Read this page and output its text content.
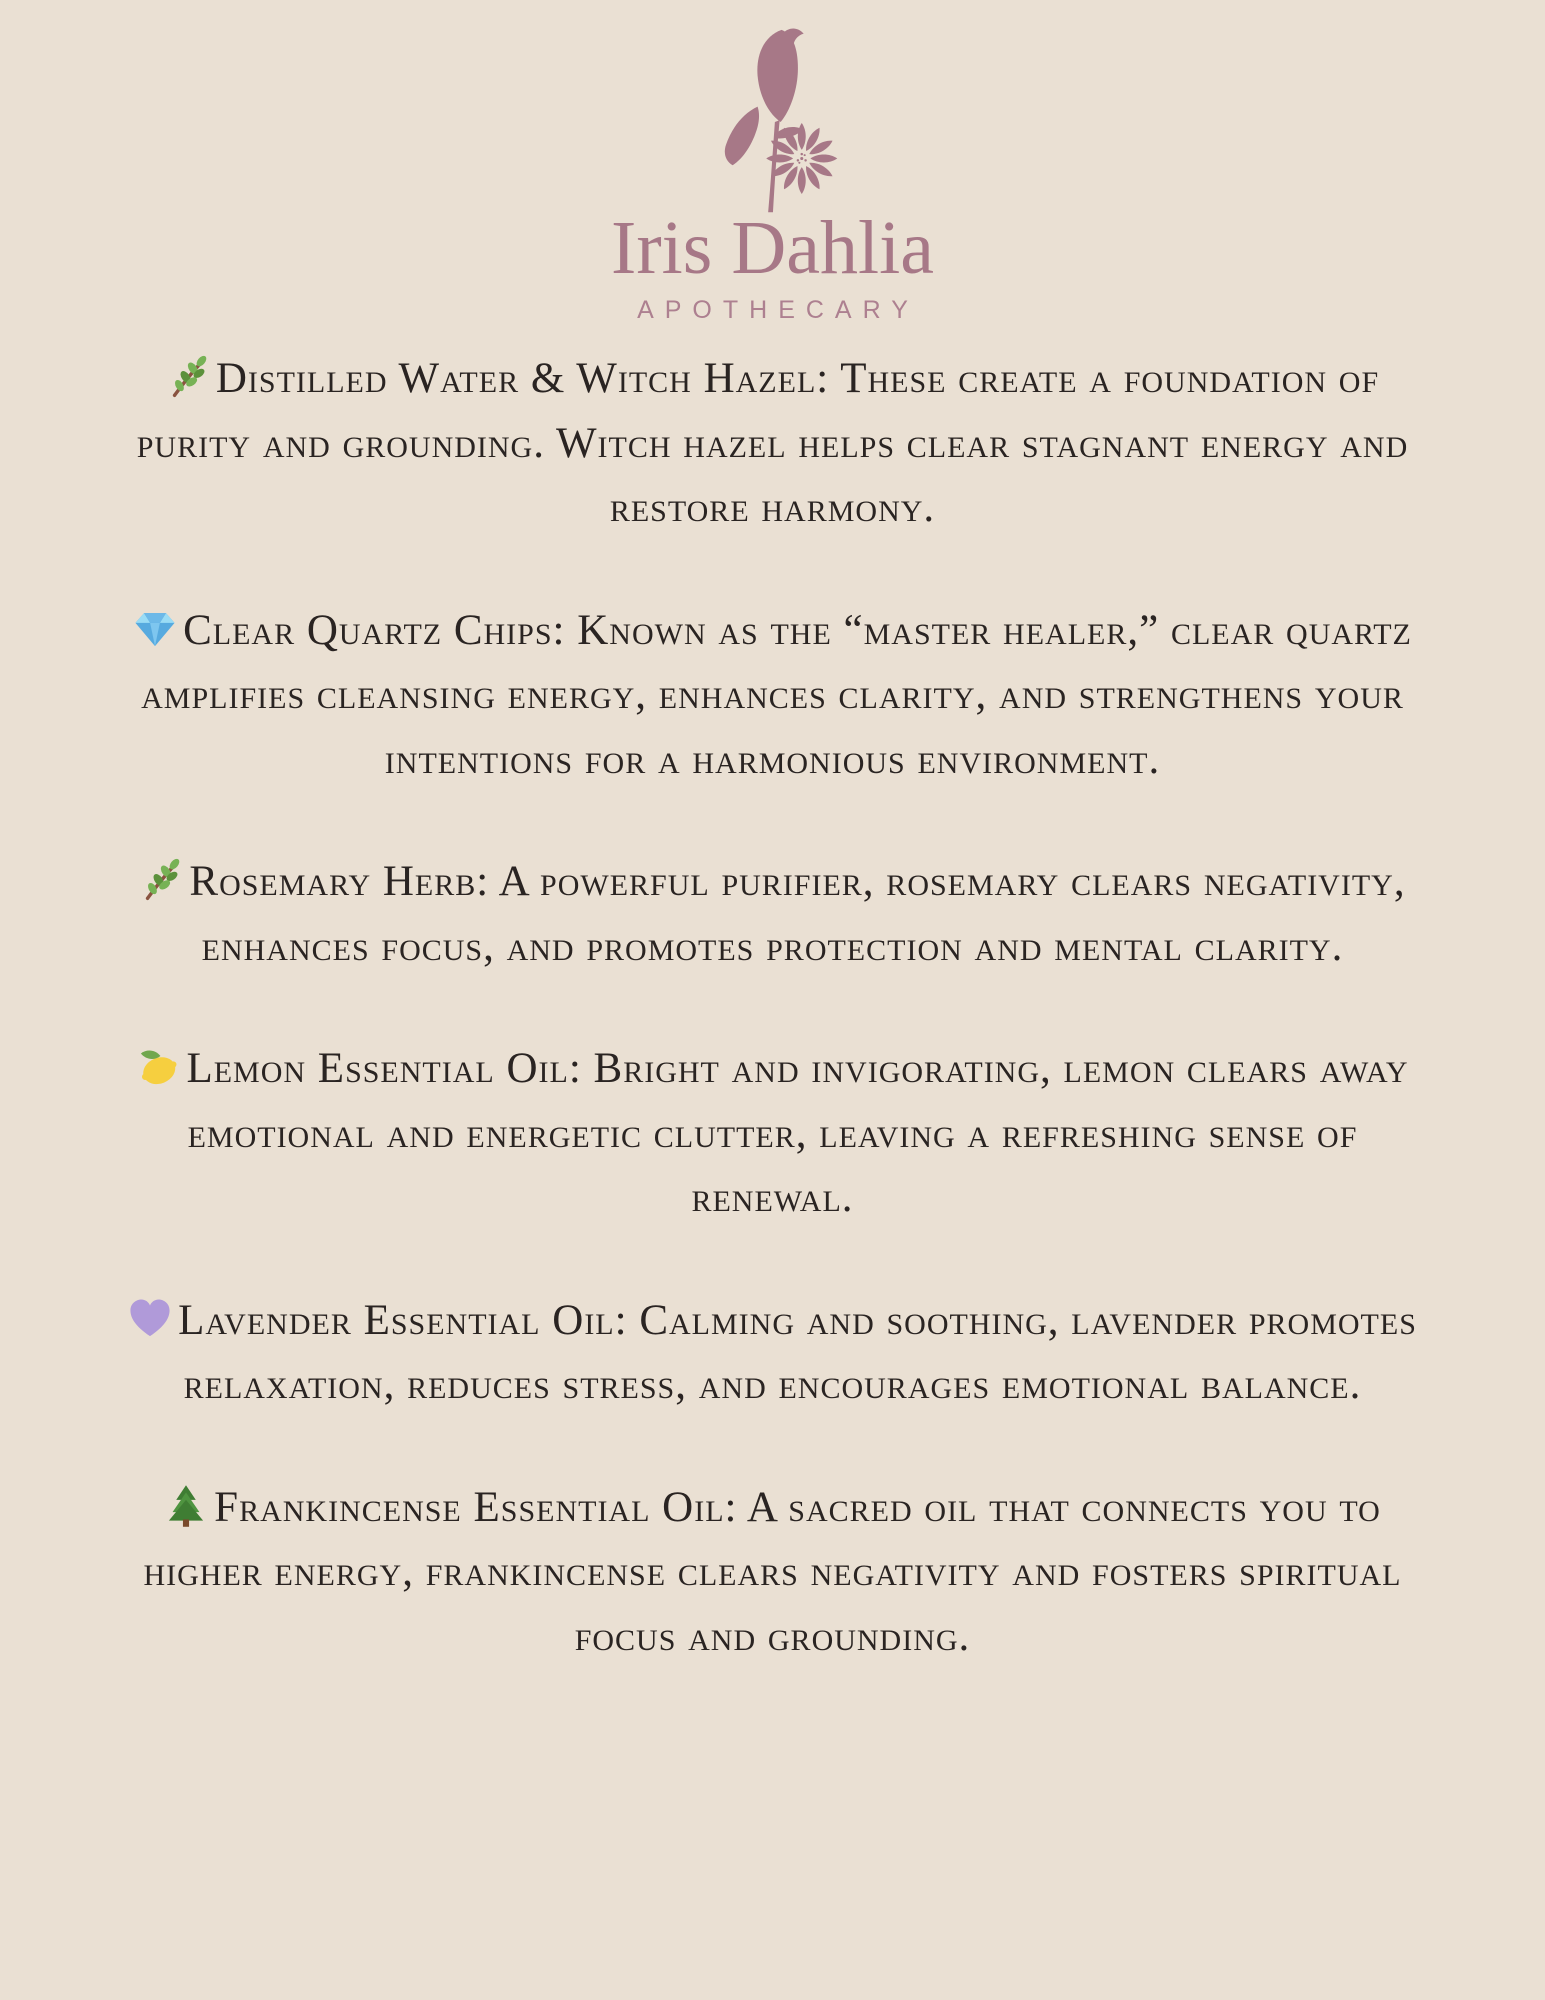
Iris Dahlia
APOTHECARY

Distilled Water & Witch Hazel: These create a foundation of purity and grounding. Witch hazel helps clear stagnant energy and restore harmony.

Clear Quartz Chips: Known as the “master healer,” clear quartz amplifies cleansing energy, enhances clarity, and strengthens your intentions for a harmonious environment.

Rosemary Herb: A powerful purifier, rosemary clears negativity, enhances focus, and promotes protection and mental clarity.

Lemon Essential Oil: Bright and invigorating, lemon clears away emotional and energetic clutter, leaving a refreshing sense of renewal.

Lavender Essential Oil: Calming and soothing, lavender promotes relaxation, reduces stress, and encourages emotional balance.

Frankincense Essential Oil: A sacred oil that connects you to higher energy, frankincense clears negativity and fosters spiritual focus and grounding.
